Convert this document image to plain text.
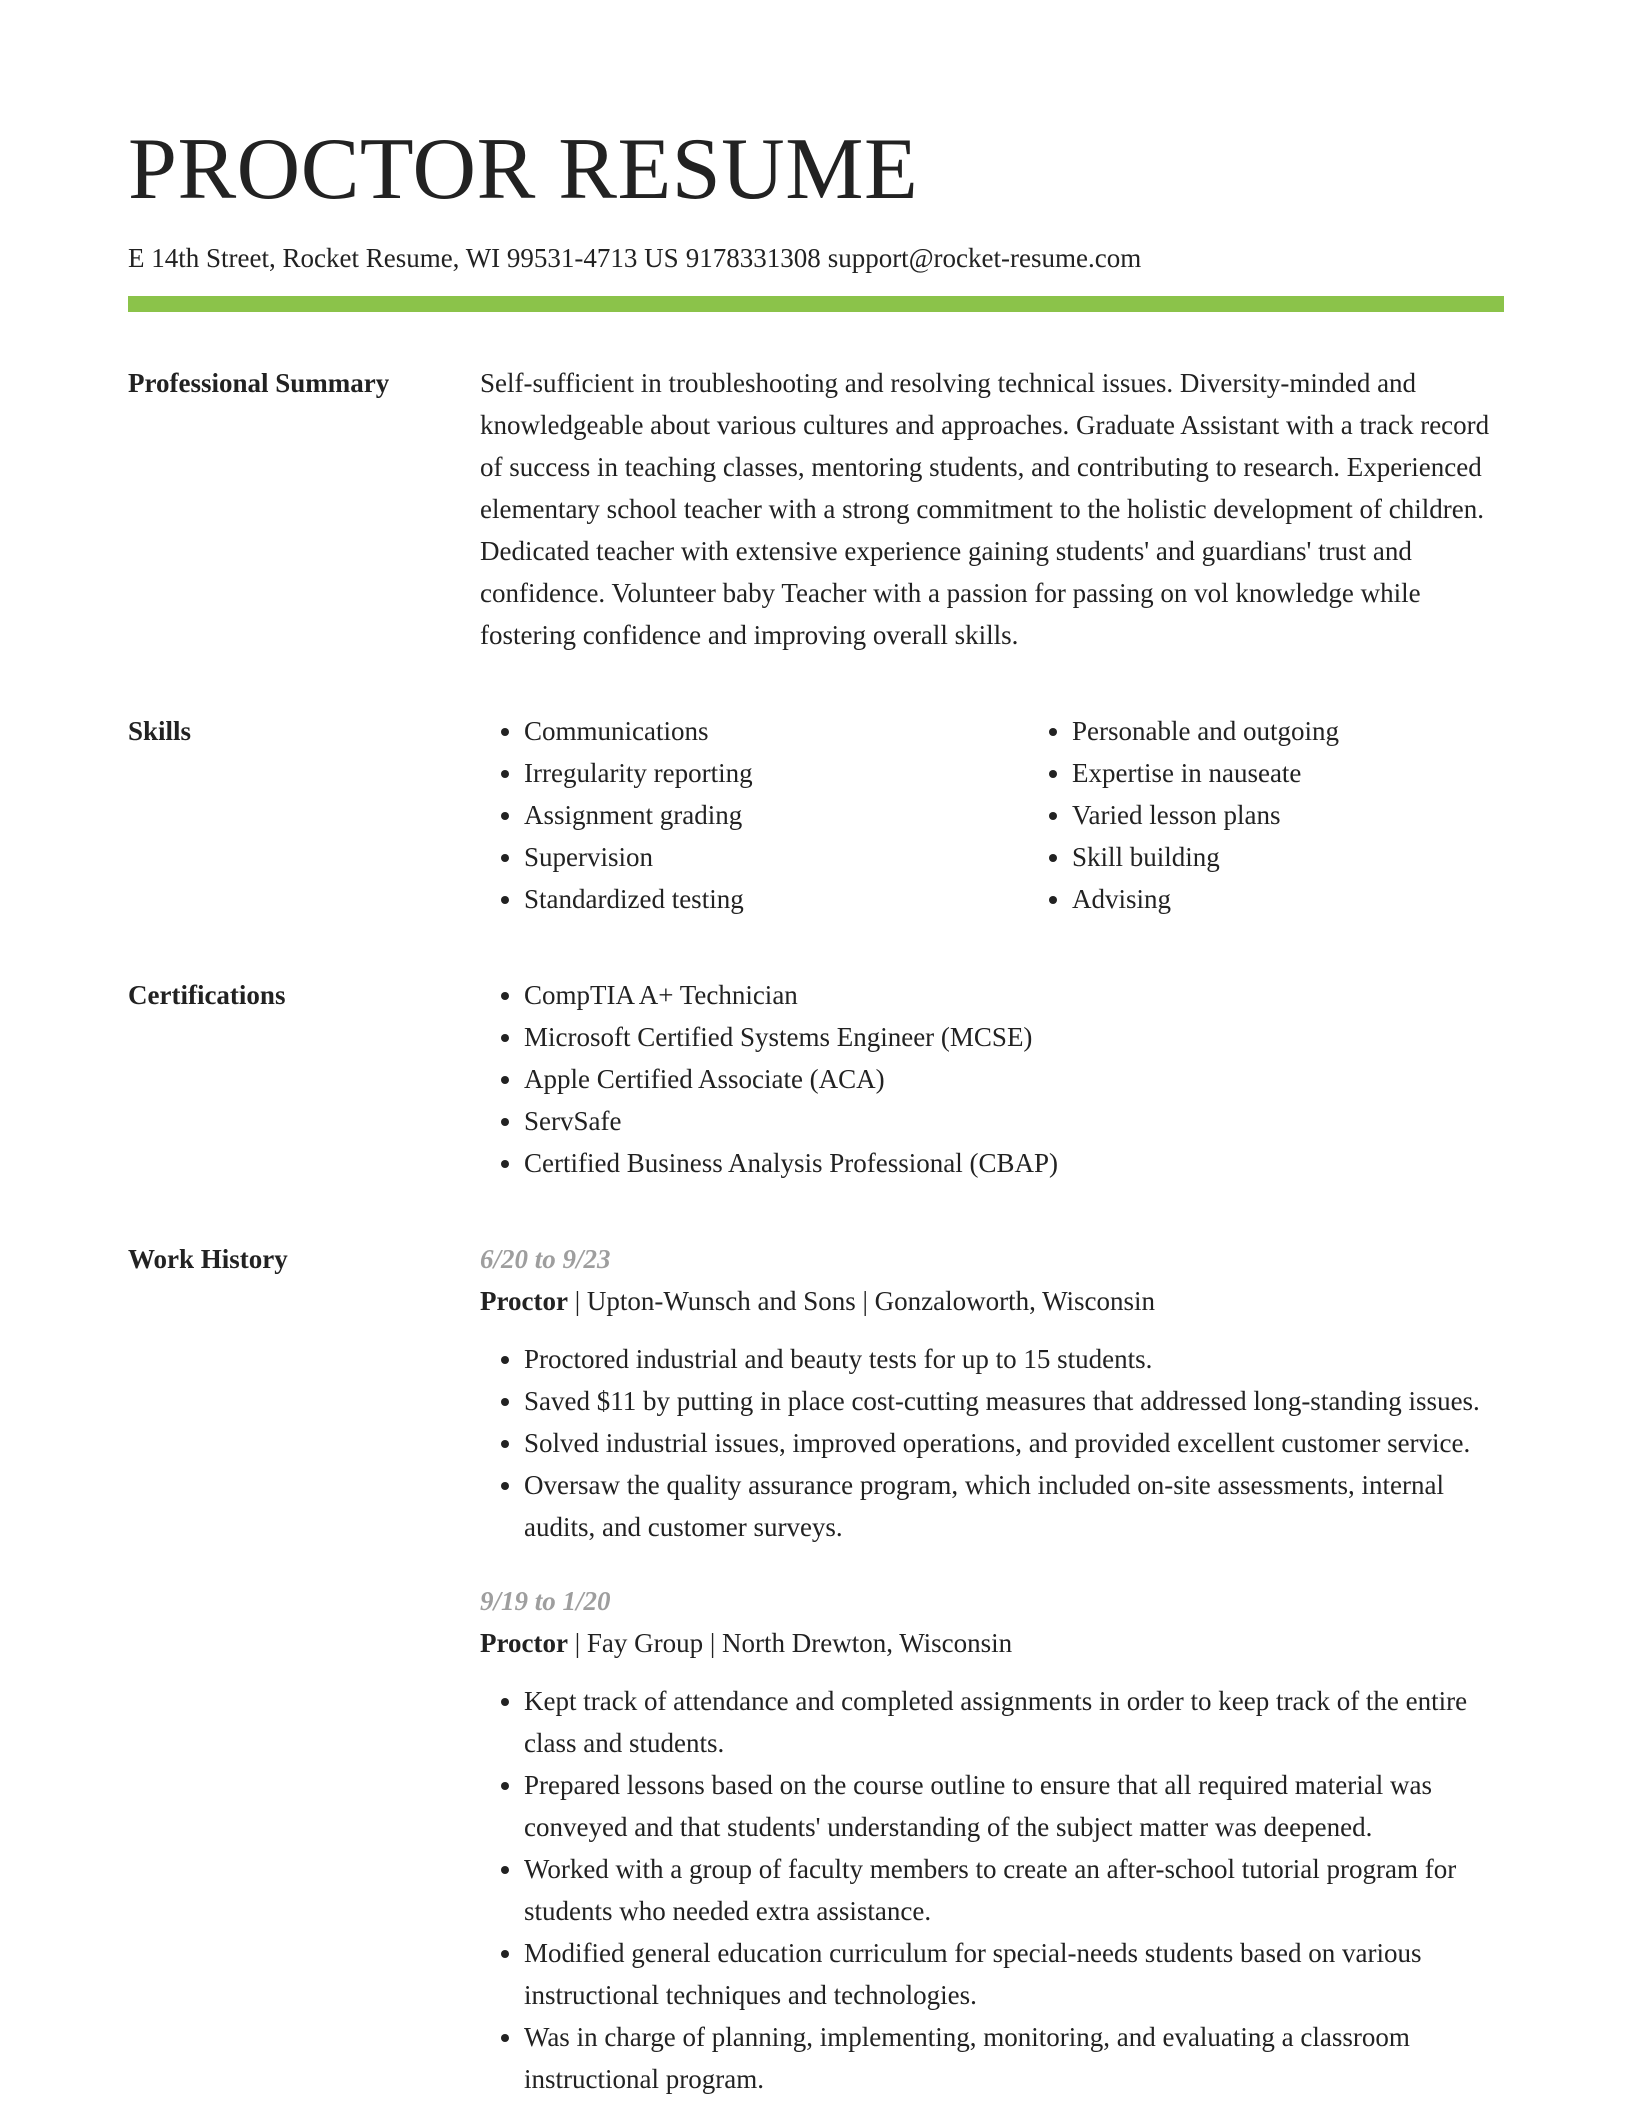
PROCTOR RESUME
E 14th Street, Rocket Resume, WI 99531-4713 US 9178331308 support@rocket-resume.com
Professional Summary	Self-sufficient in troubleshooting and resolving technical issues. Diversity-minded and knowledgeable about various cultures and approaches. Graduate Assistant with a track record of success in teaching classes, mentoring students, and contributing to research. Experienced elementary school teacher with a strong commitment to the holistic development of children. Dedicated teacher with extensive experience gaining students' and guardians' trust and confidence. Volunteer baby Teacher with a passion for passing on vol knowledge while fostering confidence and improving overall skills.

Skills	• Communications
• Irregularity reporting
• Assignment grading
• Supervision
• Standardized testing
• Personable and outgoing
• Expertise in nauseate
• Varied lesson plans
• Skill building
• Advising
Certifications	• CompTIA A+ Technician
• Microsoft Certified Systems Engineer (MCSE)
• Apple Certified Associate (ACA)
• ServSafe
• Certified Business Analysis Professional (CBAP)
Work History	6/20 to 9/23
Proctor | Upton-Wunsch and Sons | Gonzaloworth, Wisconsin
• Proctored industrial and beauty tests for up to 15 students.
• Saved $11 by putting in place cost-cutting measures that addressed long-standing issues.
• Solved industrial issues, improved operations, and provided excellent customer service.
• Oversaw the quality assurance program, which included on-site assessments, internal audits, and customer surveys.
9/19 to 1/20
Proctor | Fay Group | North Drewton, Wisconsin
• Kept track of attendance and completed assignments in order to keep track of the entire class and students.
• Prepared lessons based on the course outline to ensure that all required material was conveyed and that students' understanding of the subject matter was deepened.
• Worked with a group of faculty members to create an after-school tutorial program for students who needed extra assistance.
• Modified general education curriculum for special-needs students based on various instructional techniques and technologies.
• Was in charge of planning, implementing, monitoring, and evaluating a classroom instructional program.
